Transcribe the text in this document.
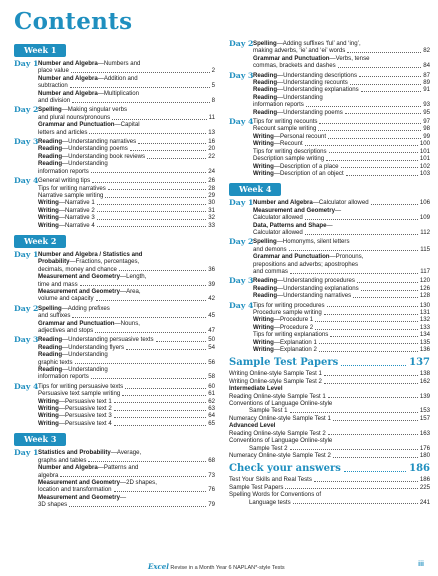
Contents
Week 1
Day 1 Number and Algebra—Numbers and
place value	2
Number and Algebra—Addition and
subtraction	5
Number and Algebra—Multiplication
and division	8
Day 2 Spelling—Making singular verbs
and plural nouns/pronouns	11
Grammar and Punctuation—Capital
letters and articles	13
Day 3 Reading—Understanding narratives	16
Reading—Understanding poems	20
Reading—Understanding book reviews	22
Reading—Understanding
information reports	24
Day 4 General writing tips	26
Tips for writing narratives	28
Narrative sample writing	29
Writing—Narrative 1	30
Writing—Narrative 2	31
Writing—Narrative 3	32
Writing—Narrative 4	33
Week 2
Day 1 Number and Algebra / Statistics and
Probability—Fractions, percentages,
decimals, money and chance	36
Measurement and Geometry—Length,
time and mass	39
Measurement and Geometry—Area,
volume and capacity	42
Day 2 Spelling—Adding prefixes
and suffixes	45
Grammar and Punctuation—Nouns,
adjectives and stops	47
Day 3 Reading—Understanding persuasive texts	50
Reading—Understanding flyers	54
Reading—Understanding
graphic texts	56
Reading—Understanding
information reports	58
Day 4 Tips for writing persuasive texts	60
Persuasive text sample writing	61
Writing—Persuasive text 1	62
Writing—Persuasive text 2	63
Writing—Persuasive text 3	64
Writing—Persuasive text 4	65
Week 3
Day 1 Statistics and Probability—Average,
graphs and tables	68
Number and Algebra—Patterns and
algebra	73
Measurement and Geometry—2D shapes,
location and transformation	76
Measurement and Geometry—
3D shapes	79
Day 2 Spelling—Adding suffixes ‘ful’ and ‘ing’,
making adverbs, ‘ie’ and ‘ei’ words	82
Grammar and Punctuation—Verbs, tense
commas, brackets and dashes	84
Day 3 Reading—Understanding descriptions	87
Reading—Understanding recounts	89
Reading—Understanding explanations	91
Reading—Understanding
information reports	93
Reading—Understanding poems	95
Day 4 Tips for writing recounts	97
Recount sample writing	98
Writing—Personal recount	99
Writing—Recount	100
Tips for writing descriptions	101
Description sample writing	101
Writing—Description of a place	102
Writing—Description of an object	103
Week 4
Day 1 Number and Algebra—Calculator allowed	106
Measurement and Geometry—
Calculator allowed	109
Data, Patterns and Shape—
Calculator allowed	112
Day 2 Spelling—Homonyms, silent letters
and demons	115
Grammar and Punctuation—Pronouns,
prepositions and adverbs; apostrophes
and commas	117
Day 3 Reading—Understanding procedures	120
Reading—Understanding explanations	126
Reading—Understanding narratives	128
Day 4 Tips for writing procedures	130
Procedure sample writing	131
Writing—Procedure 1	132
Writing—Procedure 2	133
Tips for writing explanations	134
Writing—Explanation 1	135
Writing—Explanation 2	136
Sample Test Papers	137
Writing Online-style Sample Test 1	138
Writing Online-style Sample Test 2	162
Intermediate Level
Reading Online-style Sample Test 1	139
Conventions of Language Online-style
Sample Test 1	153
Numeracy Online-style Sample Test 1	157
Advanced Level
Reading Online-style Sample Test 2	163
Conventions of Language Online-style
Sample Test 2	176
Numeracy Online-style Sample Test 2	180
Check your answers	186
Test Your Skills and Real Tests	186
Sample Test Papers	225
Spelling Words for Conventions of
Language tests	241
Excel Revise in a Month Year 6 NAPLAN*-style Tests	iii
